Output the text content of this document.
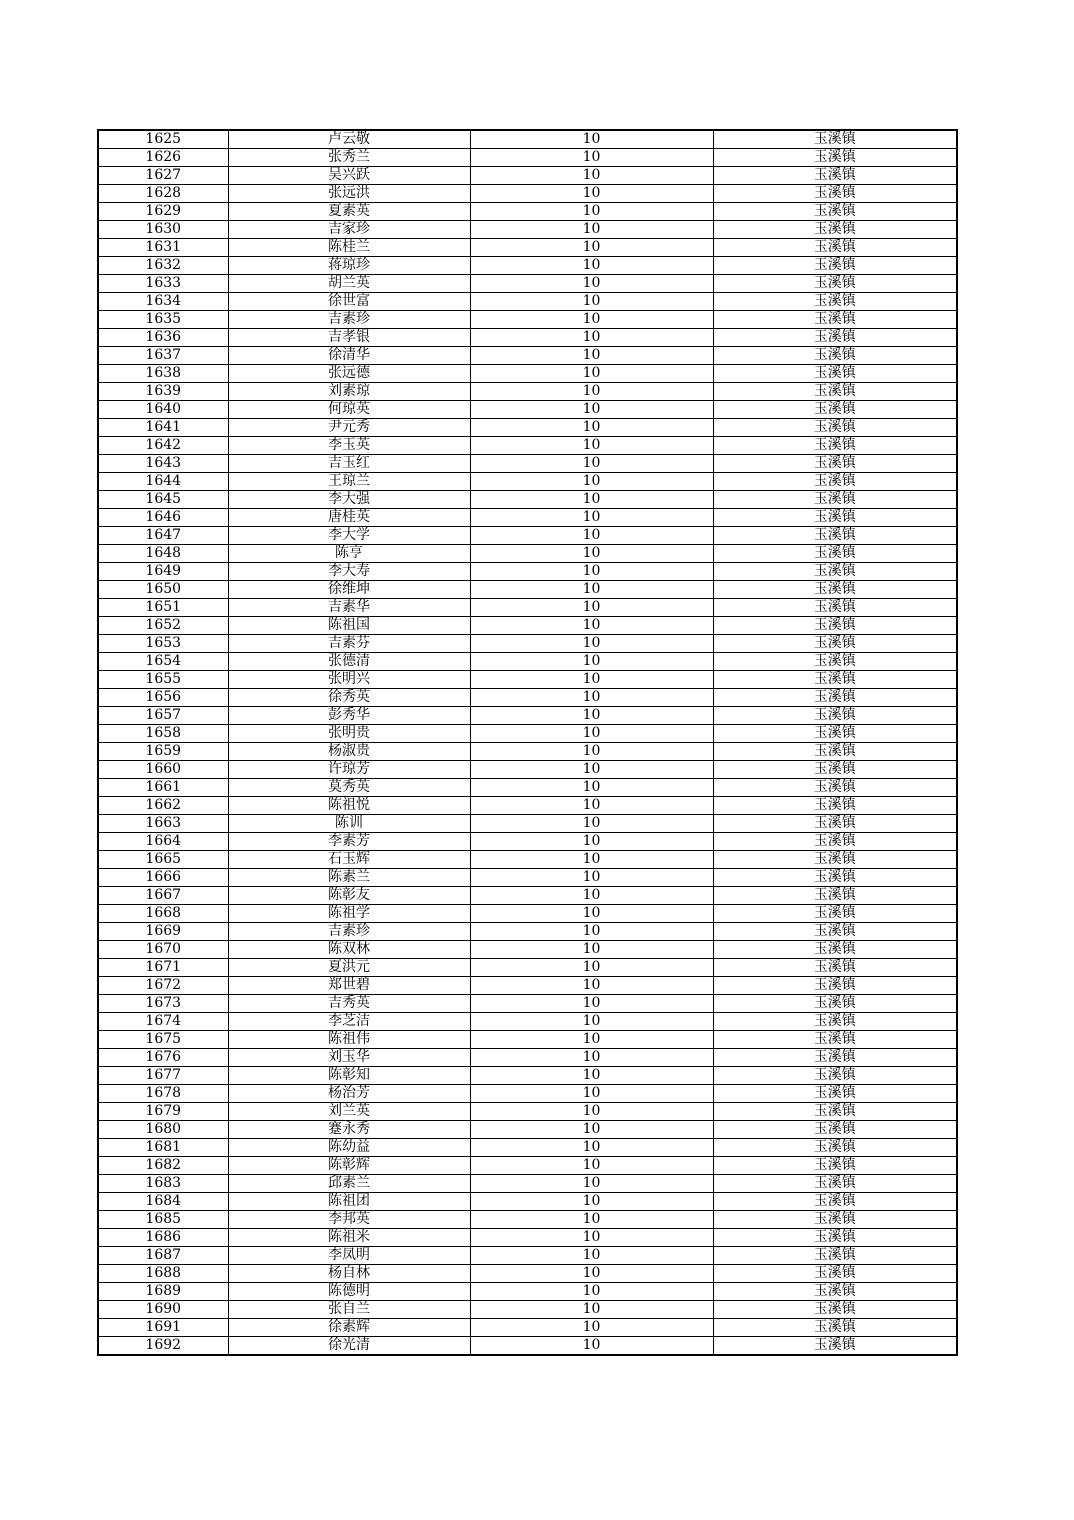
1625	卢云敬	10	玉溪镇
1626	张秀兰	10	玉溪镇
1627	吴兴跃	10	玉溪镇
1628	张远洪	10	玉溪镇
1629	夏素英	10	玉溪镇
1630	吉家珍	10	玉溪镇
1631	陈桂兰	10	玉溪镇
1632	蒋琼珍	10	玉溪镇
1633	胡兰英	10	玉溪镇
1634	徐世富	10	玉溪镇
1635	吉素珍	10	玉溪镇
1636	吉孝银	10	玉溪镇
1637	徐清华	10	玉溪镇
1638	张远德	10	玉溪镇
1639	刘素琼	10	玉溪镇
1640	何琼英	10	玉溪镇
1641	尹元秀	10	玉溪镇
1642	李玉英	10	玉溪镇
1643	吉玉红	10	玉溪镇
1644	王琼兰	10	玉溪镇
1645	李大强	10	玉溪镇
1646	唐桂英	10	玉溪镇
1647	李大学	10	玉溪镇
1648	陈亨	10	玉溪镇
1649	李大寿	10	玉溪镇
1650	徐维坤	10	玉溪镇
1651	吉素华	10	玉溪镇
1652	陈祖国	10	玉溪镇
1653	吉素芬	10	玉溪镇
1654	张德清	10	玉溪镇
1655	张明兴	10	玉溪镇
1656	徐秀英	10	玉溪镇
1657	彭秀华	10	玉溪镇
1658	张明贵	10	玉溪镇
1659	杨淑贵	10	玉溪镇
1660	许琼芳	10	玉溪镇
1661	莫秀英	10	玉溪镇
1662	陈祖悦	10	玉溪镇
1663	陈训	10	玉溪镇
1664	李素芳	10	玉溪镇
1665	石玉辉	10	玉溪镇
1666	陈素兰	10	玉溪镇
1667	陈彰友	10	玉溪镇
1668	陈祖学	10	玉溪镇
1669	吉素珍	10	玉溪镇
1670	陈双林	10	玉溪镇
1671	夏洪元	10	玉溪镇
1672	郑世碧	10	玉溪镇
1673	吉秀英	10	玉溪镇
1674	李芝洁	10	玉溪镇
1675	陈祖伟	10	玉溪镇
1676	刘玉华	10	玉溪镇
1677	陈彰知	10	玉溪镇
1678	杨治芳	10	玉溪镇
1679	刘兰英	10	玉溪镇
1680	蹇永秀	10	玉溪镇
1681	陈幼益	10	玉溪镇
1682	陈彰辉	10	玉溪镇
1683	邱素兰	10	玉溪镇
1684	陈祖团	10	玉溪镇
1685	李邦英	10	玉溪镇
1686	陈祖米	10	玉溪镇
1687	李凤明	10	玉溪镇
1688	杨自林	10	玉溪镇
1689	陈德明	10	玉溪镇
1690	张自兰	10	玉溪镇
1691	徐素辉	10	玉溪镇
1692	徐光清	10	玉溪镇
